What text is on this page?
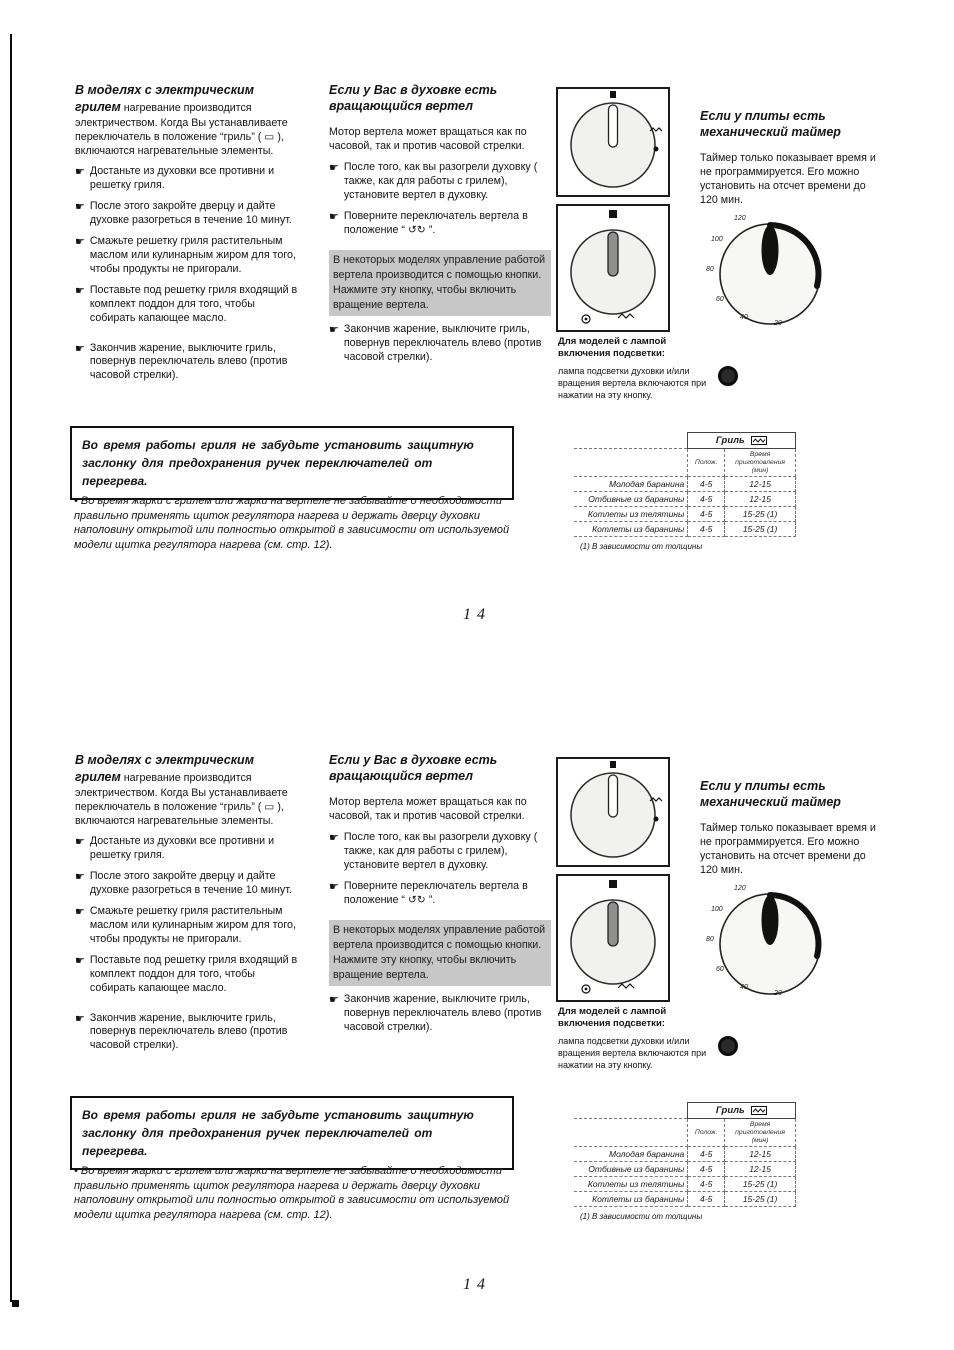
В моделях с электрическим грилем нагревание производится электричеством. Когда Вы устанавливаете переключатель в положение “гриль” ( ▭ ), включаются нагревательные элементы.

☛ Достаньте из духовки все противни и решетку гриля.
☛ После этого закройте дверцу и дайте духовке разогреться в течение 10 минут.
☛ Смажьте решетку гриля растительным маслом или кулинарным жиром для того, чтобы продукты не пригорали.
☛ Поставьте под решетку гриля входящий в комплект поддон для того, чтобы собирать капающее масло.
☛ Закончив жарение, выключите гриль, повернув переключатель влево (против часовой стрелки).
Если у Вас в духовке есть вращающийся вертел

Мотор вертела может вращаться как по часовой, так и против часовой стрелки.

☛ После того, как вы разогрели духовку ( также, как для работы с грилем), установите вертел в духовку.
☛ Поверните переключатель вертела в положение “ ↺↻ ”.

В некоторых моделях управление работой вертела производится с помощью кнопки. Нажмите эту кнопку, чтобы включить вращение вертела.

☛ Закончив жарение, выключите гриль, повернув переключатель влево (против часовой стрелки).
Если у плиты есть механический таймер

Таймер только показывает время и не программируется. Его можно установить на отсчет времени до 120 мин.

120
100
80
60
40
20

Для моделей с лампой включения подсветки:

лампа подсветки духовки и/или вращения вертела включаются при нажатии на эту кнопку.

Во время работы гриля не забудьте установить защитную заслонку для предохранения ручек переключателей от перегрева.

• Во время жарки с грилем или жарки на вертеле не забывайте о необходимости правильно применять щиток регулятора нагрева и держать дверцу духовки наполовину открытой или полностью открытой в зависимости от используемой модели щитка регулятора нагрева (см. стр. 12).

	Гриль	
	Полож.	Время приготовления (мин)
Молодая баранина	4-5	12-15
Отбивные из баранины	4-5	12-15
Котлеты из телятины	4-5	15-25 (1)
Котлеты из баранины	4-5	15-25 (1)

(1) В зависимости от толщины

14

В моделях с электрическим грилем нагревание производится электричеством. Когда Вы устанавливаете переключатель в положение “гриль” ( ▭ ), включаются нагревательные элементы.

☛ Достаньте из духовки все противни и решетку гриля.
☛ После этого закройте дверцу и дайте духовке разогреться в течение 10 минут.
☛ Смажьте решетку гриля растительным маслом или кулинарным жиром для того, чтобы продукты не пригорали.
☛ Поставьте под решетку гриля входящий в комплект поддон для того, чтобы собирать капающее масло.
☛ Закончив жарение, выключите гриль, повернув переключатель влево (против часовой стрелки).
Если у Вас в духовке есть вращающийся вертел

Мотор вертела может вращаться как по часовой, так и против часовой стрелки.

☛ После того, как вы разогрели духовку ( также, как для работы с грилем), установите вертел в духовку.
☛ Поверните переключатель вертела в положение “ ↺↻ ”.

В некоторых моделях управление работой вертела производится с помощью кнопки. Нажмите эту кнопку, чтобы включить вращение вертела.

☛ Закончив жарение, выключите гриль, повернув переключатель влево (против часовой стрелки).
Если у плиты есть механический таймер

Таймер только показывает время и не программируется. Его можно установить на отсчет времени до 120 мин.

120
100
80
60
40
20

Для моделей с лампой включения подсветки:

лампа подсветки духовки и/или вращения вертела включаются при нажатии на эту кнопку.

Во время работы гриля не забудьте установить защитную заслонку для предохранения ручек переключателей от перегрева.

• Во время жарки с грилем или жарки на вертеле не забывайте о необходимости правильно применять щиток регулятора нагрева и держать дверцу духовки наполовину открытой или полностью открытой в зависимости от используемой модели щитка регулятора нагрева (см. стр. 12).

	Гриль	
	Полож.	Время приготовления (мин)
Молодая баранина	4-5	12-15
Отбивные из баранины	4-5	12-15
Котлеты из телятины	4-5	15-25 (1)
Котлеты из баранины	4-5	15-25 (1)

(1) В зависимости от толщины

14
